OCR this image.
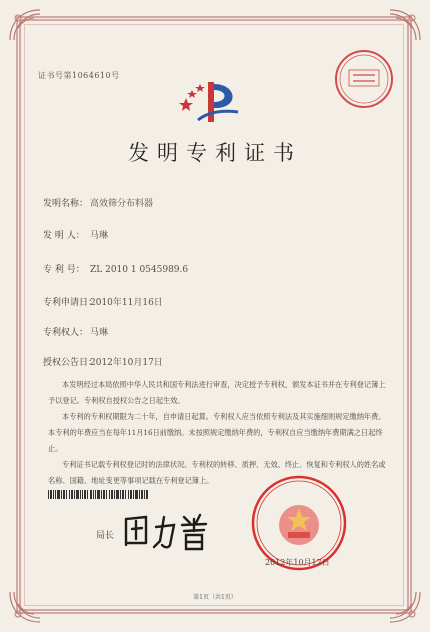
证书号第1064610号
发明专利证书
发明名称： 高效筛分布料器
发 明 人： 马琳
专 利 号： ZL 2010 1 0545989.6
专利申请日：2010年11月16日
专利权人： 马琳
授权公告日：2012年10月17日

本发明经过本局依照中华人民共和国专利法进行审查，决定授予专利权，颁发本证书并在专利登记簿上予以登记。专利权自授权公告之日起生效。

本专利的专利权期限为二十年，自申请日起算。专利权人应当依照专利法及其实施细则规定缴纳年费。本专利的年费应当在每年11月16日前缴纳。未按照规定缴纳年费的，专利权自应当缴纳年费期满之日起终止。

专利证书记载专利权登记时的法律状况。专利权的转移、质押、无效、终止、恢复和专利权人的姓名或名称、国籍、地址变更等事项记载在专利登记簿上。

局长
2012年10月17日
第1页（共1页）
